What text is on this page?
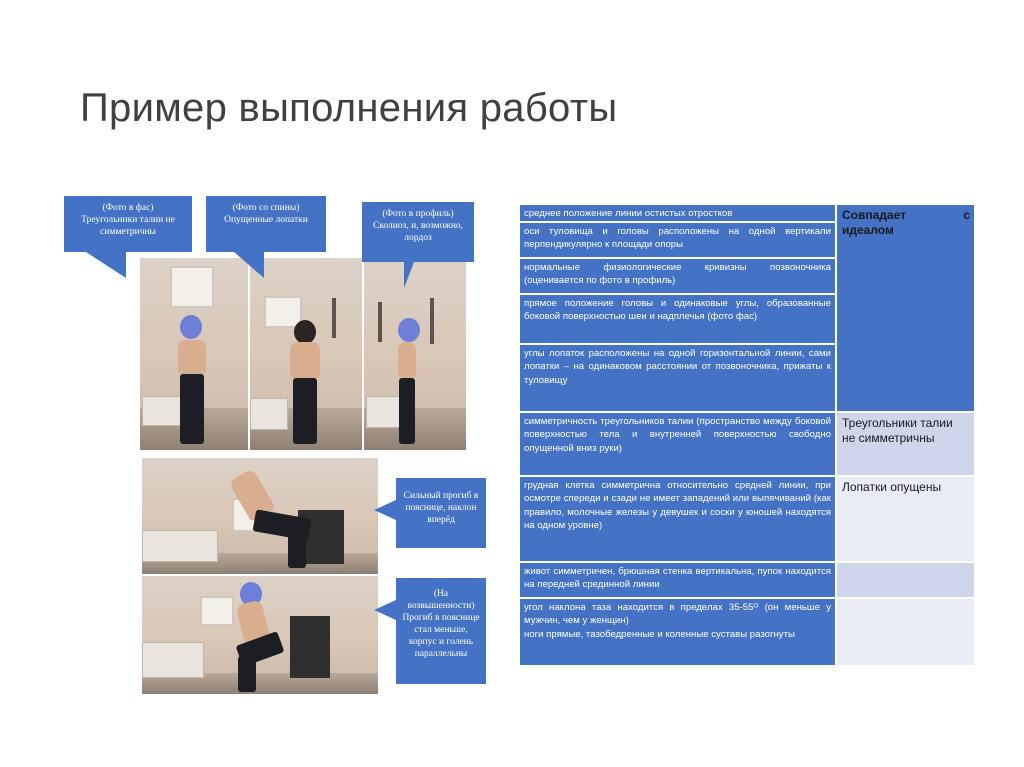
Пример выполнения работы
(Фото в фас)
Треугольники талии не симметричны
(Фото со спины)
Опущенные лопатки
(Фото в профиль)
Сколиоз, и, возможно, лордоз
Сильный прогиб в пояснице, наклон вперёд
(На возвышенности)
Прогиб в пояснице стал меньше, корпус и голень параллельны
среднее положение линии остистых отростков
оси туловища и головы расположены на одной вертикали перпендикулярно к площади опоры
нормальные физиологические кривизны позвоночника (оценивается по фото в профиль)
прямое положение головы и одинаковые углы, образованные боковой поверхностью шеи и надплечья (фото фас)
углы лопаток расположены на одной горизонтальной линии, сами лопатки – на одинаковом расстоянии от позвоночника, прижаты к туловищу
симметричность треугольников талии (пространство между боковой поверхностью тела и внутренней поверхностью свободно опущенной вниз руки)
грудная клетка симметрична относительно средней линии, при осмотре спереди и сзади не имеет западений или выпячиваний (как правило, молочные железы у девушек и соски у юношей находятся на одном уровне)
живот симметричен, брюшная стенка вертикальна, пупок находится на передней срединной линии
угол наклона таза находится в пределах 35-55ᴼ (он меньше у мужчин, чем у женщин)
ноги прямые, тазобедренные и коленные суставы разогнуты
Совпадает с идеалом
Треугольники талии не симметричны
Лопатки опущены
